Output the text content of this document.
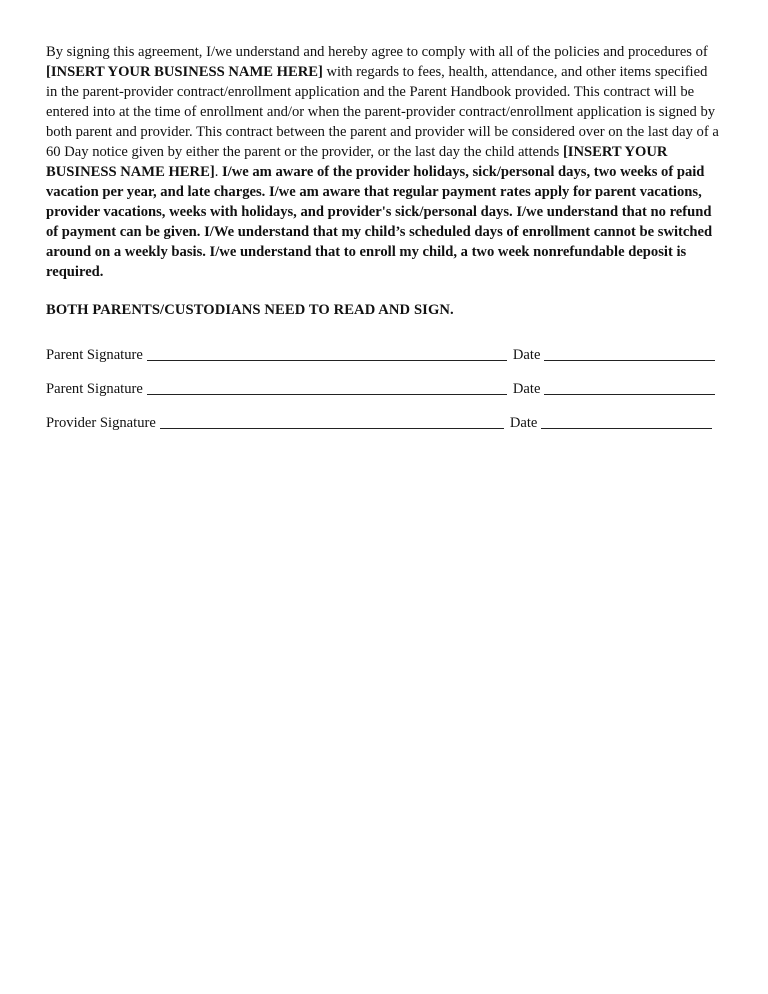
By signing this agreement, I/we understand and hereby agree to comply with all of the policies and procedures of [INSERT YOUR BUSINESS NAME HERE] with regards to fees, health, attendance, and other items specified in the parent-provider contract/enrollment application and the Parent Handbook provided. This contract will be entered into at the time of enrollment and/or when the parent-provider contract/enrollment application is signed by both parent and provider. This contract between the parent and provider will be considered over on the last day of a 60 Day notice given by either the parent or the provider, or the last day the child attends [INSERT YOUR BUSINESS NAME HERE]. I/we am aware of the provider holidays, sick/personal days, two weeks of paid vacation per year, and late charges. I/we am aware that regular payment rates apply for parent vacations, provider vacations, weeks with holidays, and provider's sick/personal days. I/we understand that no refund of payment can be given. I/We understand that my child’s scheduled days of enrollment cannot be switched around on a weekly basis. I/we understand that to enroll my child, a two week nonrefundable deposit is required.

BOTH PARENTS/CUSTODIANS NEED TO READ AND SIGN.

Parent Signature	Date
Parent Signature	Date
Provider Signature	Date
